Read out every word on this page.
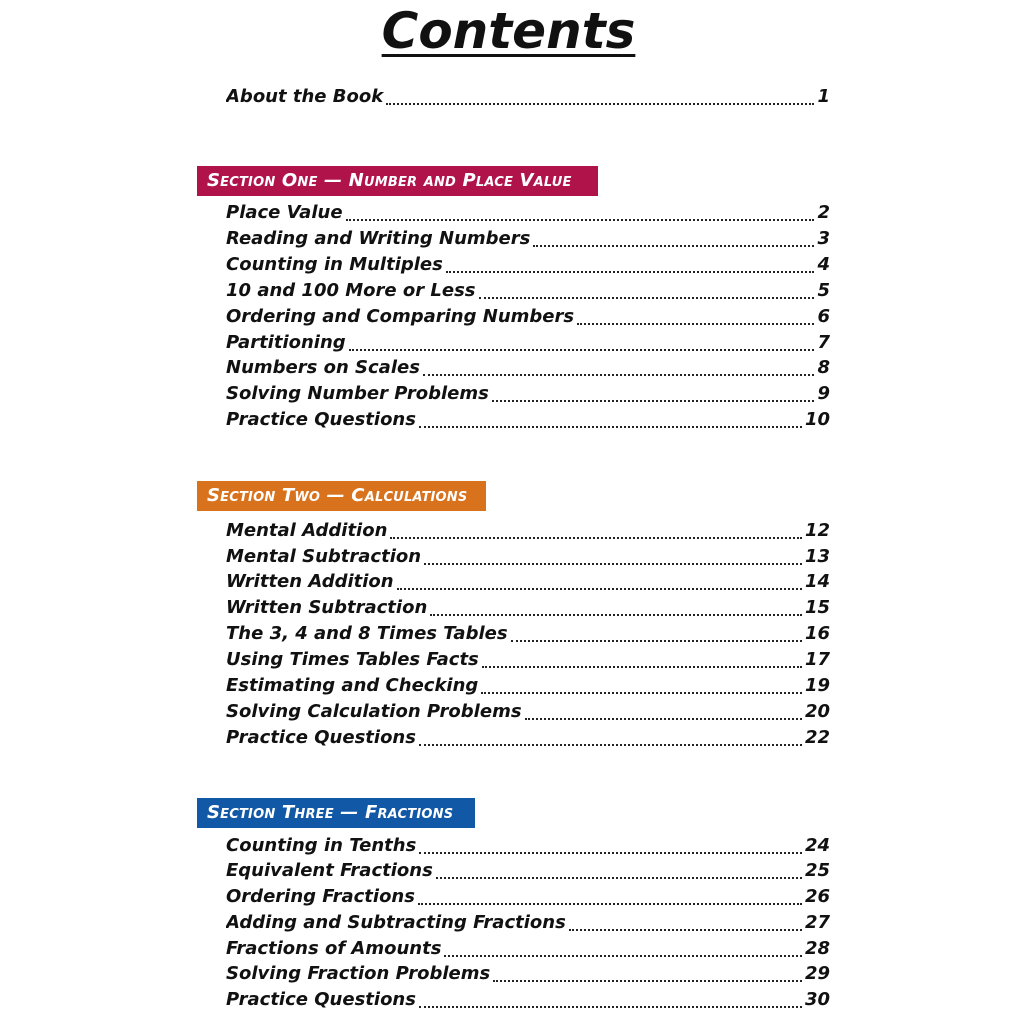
Contents
About the Book	1
Section One — Number and Place Value
Place Value	2
Reading and Writing Numbers	3
Counting in Multiples	4
10 and 100 More or Less	5
Ordering and Comparing Numbers	6
Partitioning	7
Numbers on Scales	8
Solving Number Problems	9
Practice Questions	10
Section Two — Calculations
Mental Addition	12
Mental Subtraction	13
Written Addition	14
Written Subtraction	15
The 3, 4 and 8 Times Tables	16
Using Times Tables Facts	17
Estimating and Checking	19
Solving Calculation Problems	20
Practice Questions	22
Section Three — Fractions
Counting in Tenths	24
Equivalent Fractions	25
Ordering Fractions	26
Adding and Subtracting Fractions	27
Fractions of Amounts	28
Solving Fraction Problems	29
Practice Questions	30
